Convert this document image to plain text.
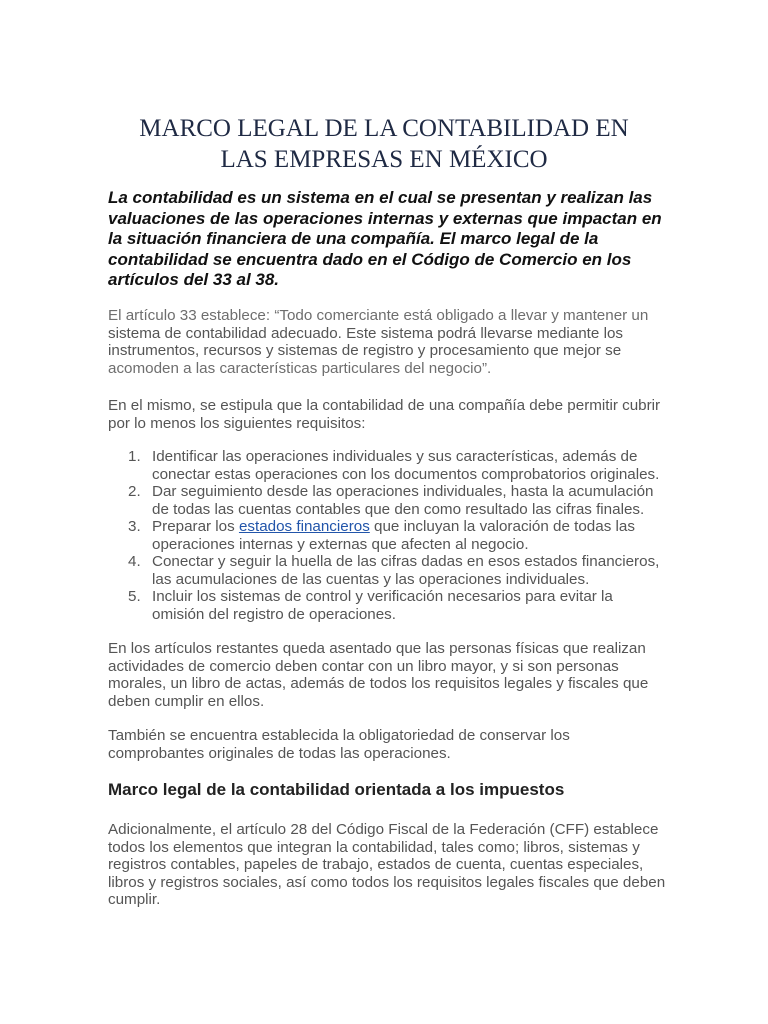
MARCO LEGAL DE LA CONTABILIDAD EN
LAS EMPRESAS EN MÉXICO
La contabilidad es un sistema en el cual se presentan y realizan las valuaciones de las operaciones internas y externas que impactan en la situación financiera de una compañía. El marco legal de la contabilidad se encuentra dado en el Código de Comercio en los artículos del 33 al 38.
El artículo 33 establece: “Todo comerciante está obligado a llevar y mantener un sistema de contabilidad adecuado. Este sistema podrá llevarse mediante los instrumentos, recursos y sistemas de registro y procesamiento que mejor se acomoden a las características particulares del negocio”.
En el mismo, se estipula que la contabilidad de una compañía debe permitir cubrir por lo menos los siguientes requisitos:
1. Identificar las operaciones individuales y sus características, además de conectar estas operaciones con los documentos comprobatorios originales.
2. Dar seguimiento desde las operaciones individuales, hasta la acumulación de todas las cuentas contables que den como resultado las cifras finales.
3. Preparar los estados financieros que incluyan la valoración de todas las operaciones internas y externas que afecten al negocio.
4. Conectar y seguir la huella de las cifras dadas en esos estados financieros, las acumulaciones de las cuentas y las operaciones individuales.
5. Incluir los sistemas de control y verificación necesarios para evitar la omisión del registro de operaciones.
En los artículos restantes queda asentado que las personas físicas que realizan actividades de comercio deben contar con un libro mayor, y si son personas morales, un libro de actas, además de todos los requisitos legales y fiscales que deben cumplir en ellos.
También se encuentra establecida la obligatoriedad de conservar los comprobantes originales de todas las operaciones.
Marco legal de la contabilidad orientada a los impuestos
Adicionalmente, el artículo 28 del Código Fiscal de la Federación (CFF) establece todos los elementos que integran la contabilidad, tales como; libros, sistemas y registros contables, papeles de trabajo, estados de cuenta, cuentas especiales, libros y registros sociales, así como todos los requisitos legales fiscales que deben cumplir.
